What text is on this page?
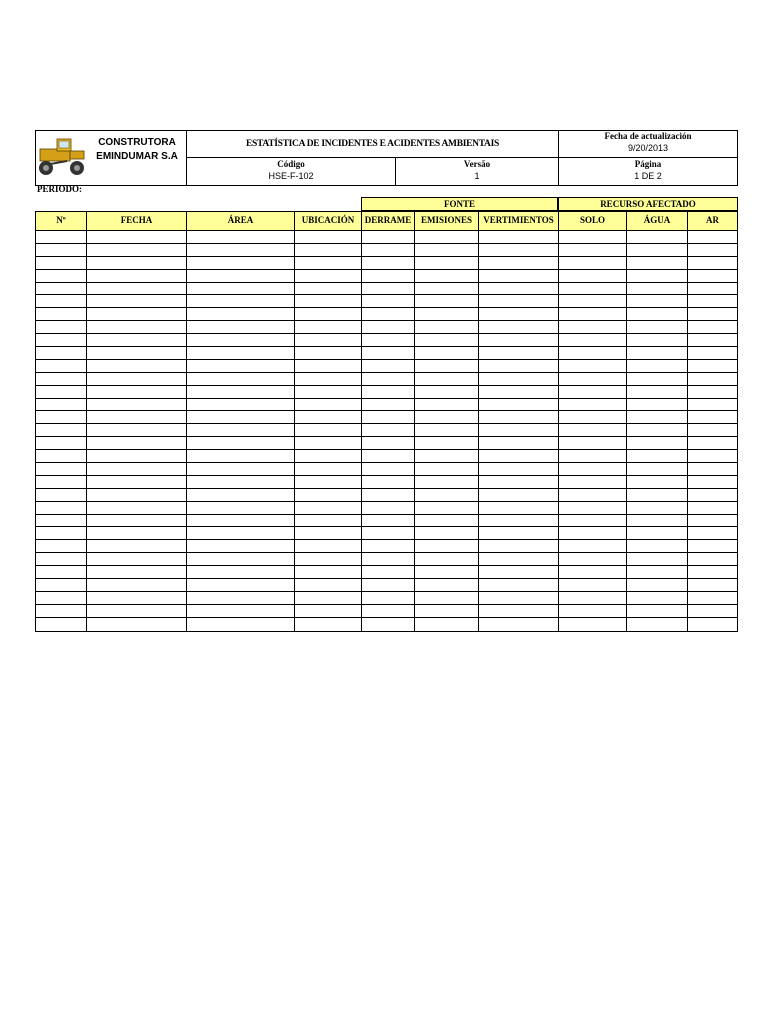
CONSTRUTORA
EMINDUMAR S.A
ESTATÍSTICA DE INCIDENTES E ACIDENTES AMBIENTAIS
Fecha de actualización
9/20/2013
Código
HSE-F-102
Versão
1
Página
1 DE 2
PERIODO:
FONTE	RECURSO AFECTADO
Nº	FECHA	ÁREA	UBICACIÓN	DERRAME	EMISIONES	VERTIMIENTOS	SOLO	ÁGUA	AR
